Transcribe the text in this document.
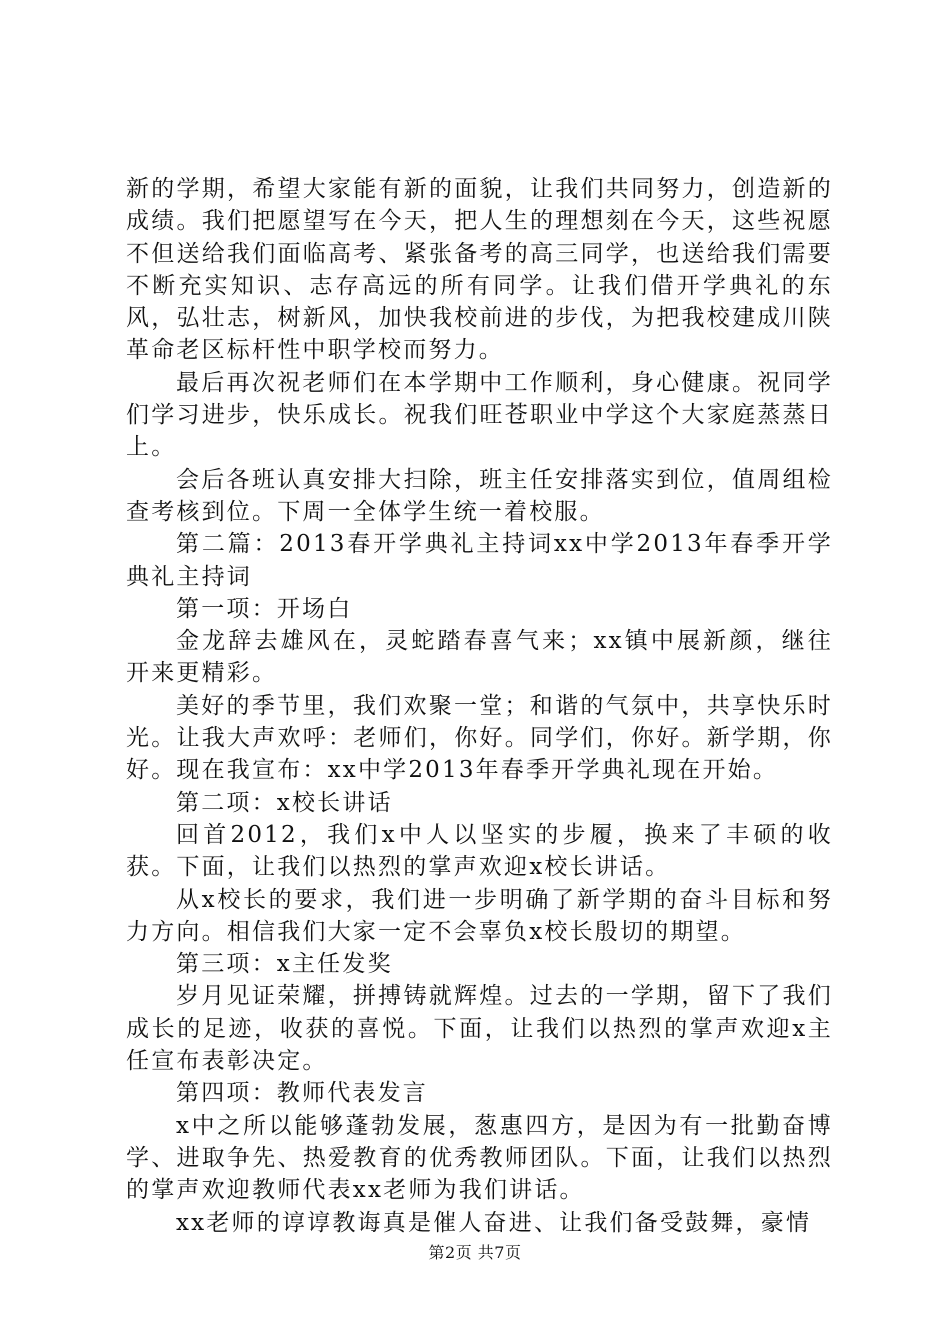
新的学期，希望大家能有新的面貌，让我们共同努力，创造新的成绩。我们把愿望写在今天，把人生的理想刻在今天，这些祝愿不但送给我们面临高考、紧张备考的高三同学，也送给我们需要不断充实知识、志存高远的所有同学。让我们借开学典礼的东风，弘壮志，树新风，加快我校前进的步伐，为把我校建成川陕革命老区标杆性中职学校而努力。

最后再次祝老师们在本学期中工作顺利，身心健康。祝同学们学习进步，快乐成长。祝我们旺苍职业中学这个大家庭蒸蒸日上。

会后各班认真安排大扫除，班主任安排落实到位，值周组检查考核到位。下周一全体学生统一着校服。

第二篇：2013春开学典礼主持词xx中学2013年春季开学典礼主持词

第一项：开场白

金龙辞去雄风在，灵蛇踏春喜气来；xx镇中展新颜，继往开来更精彩。

美好的季节里，我们欢聚一堂；和谐的气氛中，共享快乐时光。让我大声欢呼：老师们，你好。同学们，你好。新学期，你好。现在我宣布：xx中学2013年春季开学典礼现在开始。

第二项：x校长讲话

回首2012，我们x中人以坚实的步履，换来了丰硕的收获。下面，让我们以热烈的掌声欢迎x校长讲话。

从x校长的要求，我们进一步明确了新学期的奋斗目标和努力方向。相信我们大家一定不会辜负x校长殷切的期望。

第三项：x主任发奖

岁月见证荣耀，拼搏铸就辉煌。过去的一学期，留下了我们成长的足迹，收获的喜悦。下面，让我们以热烈的掌声欢迎x主任宣布表彰决定。

第四项：教师代表发言

x中之所以能够蓬勃发展，葱惠四方，是因为有一批勤奋博学、进取争先、热爱教育的优秀教师团队。下面，让我们以热烈的掌声欢迎教师代表xx老师为我们讲话。

xx老师的谆谆教诲真是催人奋进、让我们备受鼓舞，豪情

第2页 共7页
